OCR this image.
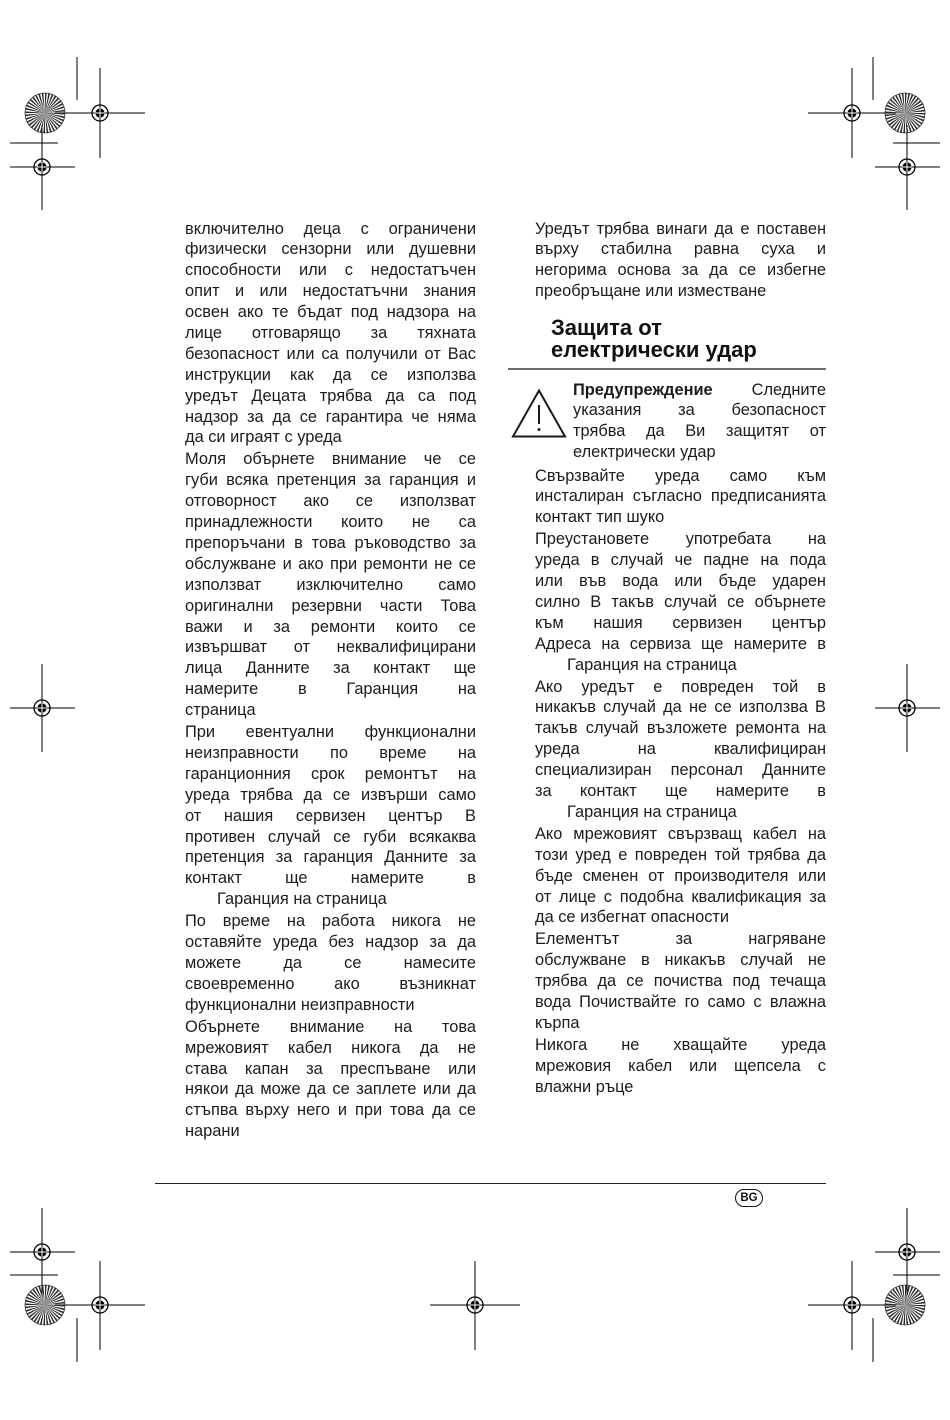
включително деца с ограничени
физически сензорни или душевни
способности или с недостатъчен
опит и или недостатъчни знания
освен ако те бъдат под надзора на
лице отговарящо за тяхната
безопасност или са получили от Вас
инструкции как да се използва
уредът Децата трябва да са под
надзор за да се гарантира че няма
да си играят с уреда
Моля обърнете внимание че се
губи всяка претенция за гаранция и
отговорност ако се използват
принадлежности които не са
препоръчани в това ръководство за
обслужване и ако при ремонти не се
използват изключително само
оригинални резервни части Това
важи и за ремонти които се
извършват от неквалифицирани
лица Данните за контакт ще
намерите в Гаранция на
страница
При евентуални функционални
неизправности по време на
гаранционния срок ремонтът на
уреда трябва да се извърши само
от нашия сервизен център В
противен случай се губи всякаква
претенция за гаранция Данните за
контакт ще намерите в
Гаранция на страница
По време на работа никога не
оставяйте уреда без надзор за да
можете да се намесите
своевременно ако възникнат
функционални неизправности
Обърнете внимание на това
мрежовият кабел никога да не
става капан за преспъване или
някои да може да се заплете или да
стъпва върху него и при това да се
нарани
Уредът трябва винаги да е поставен
върху стабилна равна суха и
негорима основа за да се избегне
преобръщане или изместване
Защита от
електрически удар
Предупреждение Следните
указания за безопасност
трябва да Ви защитят от
електрически удар
Свързвайте уреда само към
инсталиран съгласно предписанията
контакт тип шуко
Преустановете употребата на
уреда в случай че падне на пода
или във вода или бъде ударен
силно В такъв случай се обърнете
към нашия сервизен център
Адреса на сервиза ще намерите в
Гаранция на страница
Ако уредът е повреден той в
никакъв случай да не се използва В
такъв случай възложете ремонта на
уреда на квалифициран
специализиран персонал Данните
за контакт ще намерите в
Гаранция на страница
Ако мрежовият свързващ кабел на
този уред е повреден той трябва да
бъде сменен от производителя или
от лице с подобна квалификация за
да се избегнат опасности
Елементът за нагряване
обслужване в никакъв случай не
трябва да се почиства под течаща
вода Почиствайте го само с влажна
кърпа
Никога не хващайте уреда
мрежовия кабел или щепсела с
влажни ръце
BG
